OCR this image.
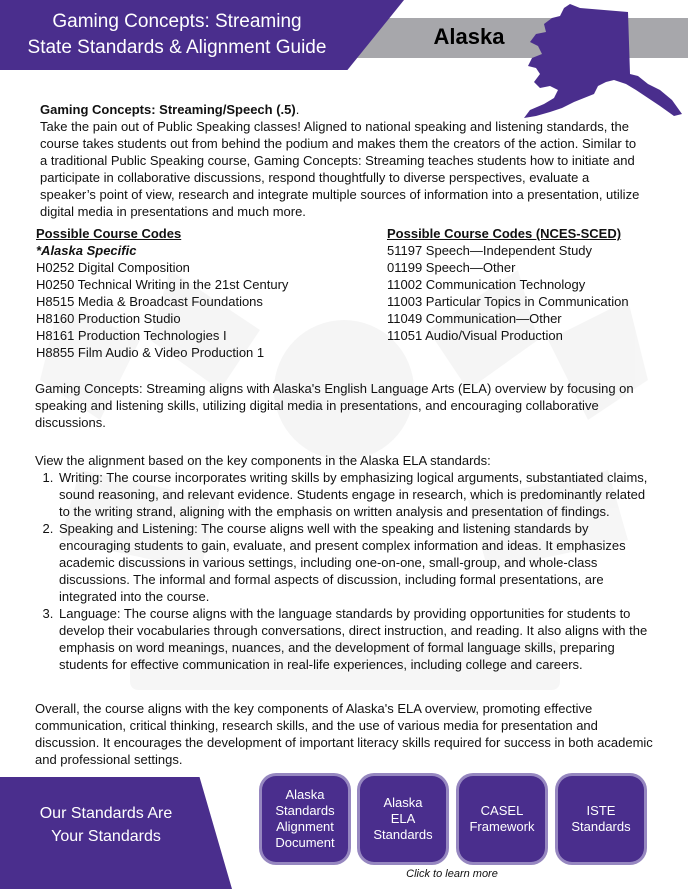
Gaming Concepts: Streaming
State Standards & Alignment Guide	Alaska
Gaming Concepts: Streaming/Speech (.5).
Take the pain out of Public Speaking classes! Aligned to national speaking and listening standards, the course takes students out from behind the podium and makes them the creators of the action. Similar to a traditional Public Speaking course, Gaming Concepts: Streaming teaches students how to initiate and participate in collaborative discussions, respond thoughtfully to diverse perspectives, evaluate a speaker’s point of view, research and integrate multiple sources of information into a presentation, utilize digital media in presentations and much more.
Possible Course Codes
*Alaska Specific
H0252 Digital Composition
H0250 Technical Writing in the 21st Century
H8515 Media & Broadcast Foundations
H8160 Production Studio
H8161 Production Technologies I
H8855 Film Audio & Video Production 1
Possible Course Codes (NCES-SCED)
51197 Speech—Independent Study
01199 Speech—Other
11002 Communication Technology
11003 Particular Topics in Communication
11049 Communication—Other
11051 Audio/Visual Production
Gaming Concepts: Streaming aligns with Alaska's English Language Arts (ELA) overview by focusing on speaking and listening skills, utilizing digital media in presentations, and encouraging collaborative discussions.
View the alignment based on the key components in the Alaska ELA standards:
1. Writing: The course incorporates writing skills by emphasizing logical arguments, substantiated claims, sound reasoning, and relevant evidence. Students engage in research, which is predominantly related to the writing strand, aligning with the emphasis on written analysis and presentation of findings.
2. Speaking and Listening: The course aligns well with the speaking and listening standards by encouraging students to gain, evaluate, and present complex information and ideas. It emphasizes academic discussions in various settings, including one-on-one, small-group, and whole-class discussions. The informal and formal aspects of discussion, including formal presentations, are integrated into the course.
3. Language: The course aligns with the language standards by providing opportunities for students to develop their vocabularies through conversations, direct instruction, and reading. It also aligns with the emphasis on word meanings, nuances, and the development of formal language skills, preparing students for effective communication in real-life experiences, including college and careers.
Overall, the course aligns with the key components of Alaska's ELA overview, promoting effective communication, critical thinking, research skills, and the use of various media for presentation and discussion. It encourages the development of important literacy skills required for success in both academic and professional settings.
Our Standards Are
Your Standards
Alaska
Standards
Alignment
Document
Alaska
ELA
Standards
CASEL
Framework
ISTE
Standards
Click to learn more
